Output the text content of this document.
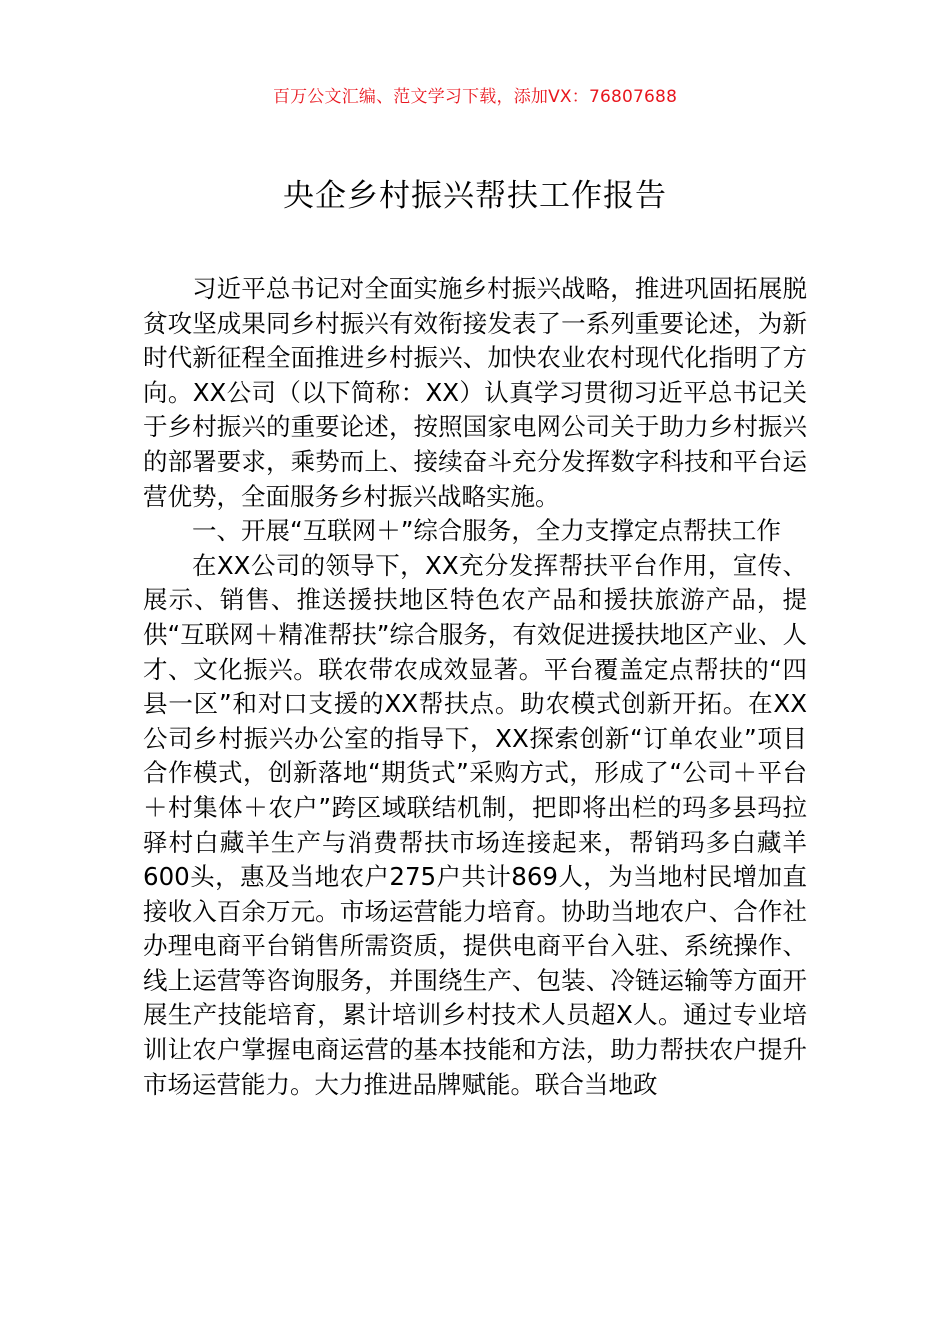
百万公文汇编、范文学习下载，添加VX：76807688
央企乡村振兴帮扶工作报告

习近平总书记对全面实施乡村振兴战略，推进巩固拓展脱贫攻坚成果同乡村振兴有效衔接发表了一系列重要论述，为新时代新征程全面推进乡村振兴、加快农业农村现代化指明了方向。XX公司（以下简称：XX）认真学习贯彻习近平总书记关于乡村振兴的重要论述，按照国家电网公司关于助力乡村振兴的部署要求，乘势而上、接续奋斗充分发挥数字科技和平台运营优势，全面服务乡村振兴战略实施。

一、开展“互联网＋”综合服务，全力支撑定点帮扶工作

在XX公司的领导下，XX充分发挥帮扶平台作用，宣传、展示、销售、推送援扶地区特色农产品和援扶旅游产品，提供“互联网＋精准帮扶”综合服务，有效促进援扶地区产业、人才、文化振兴。联农带农成效显著。平台覆盖定点帮扶的“四县一区”和对口支援的XX帮扶点。助农模式创新开拓。在XX公司乡村振兴办公室的指导下，XX探索创新“订单农业”项目合作模式，创新落地“期货式”采购方式，形成了“公司＋平台＋村集体＋农户”跨区域联结机制，把即将出栏的玛多县玛拉驿村白藏羊生产与消费帮扶市场连接起来，帮销玛多白藏羊600头，惠及当地农户275户共计869人，为当地村民增加直接收入百余万元。市场运营能力培育。协助当地农户、合作社办理电商平台销售所需资质，提供电商平台入驻、系统操作、线上运营等咨询服务，并围绕生产、包装、冷链运输等方面开展生产技能培育，累计培训乡村技术人员超X人。通过专业培训让农户掌握电商运营的基本技能和方法，助力帮扶农户提升市场运营能力。大力推进品牌赋能。联合当地政
